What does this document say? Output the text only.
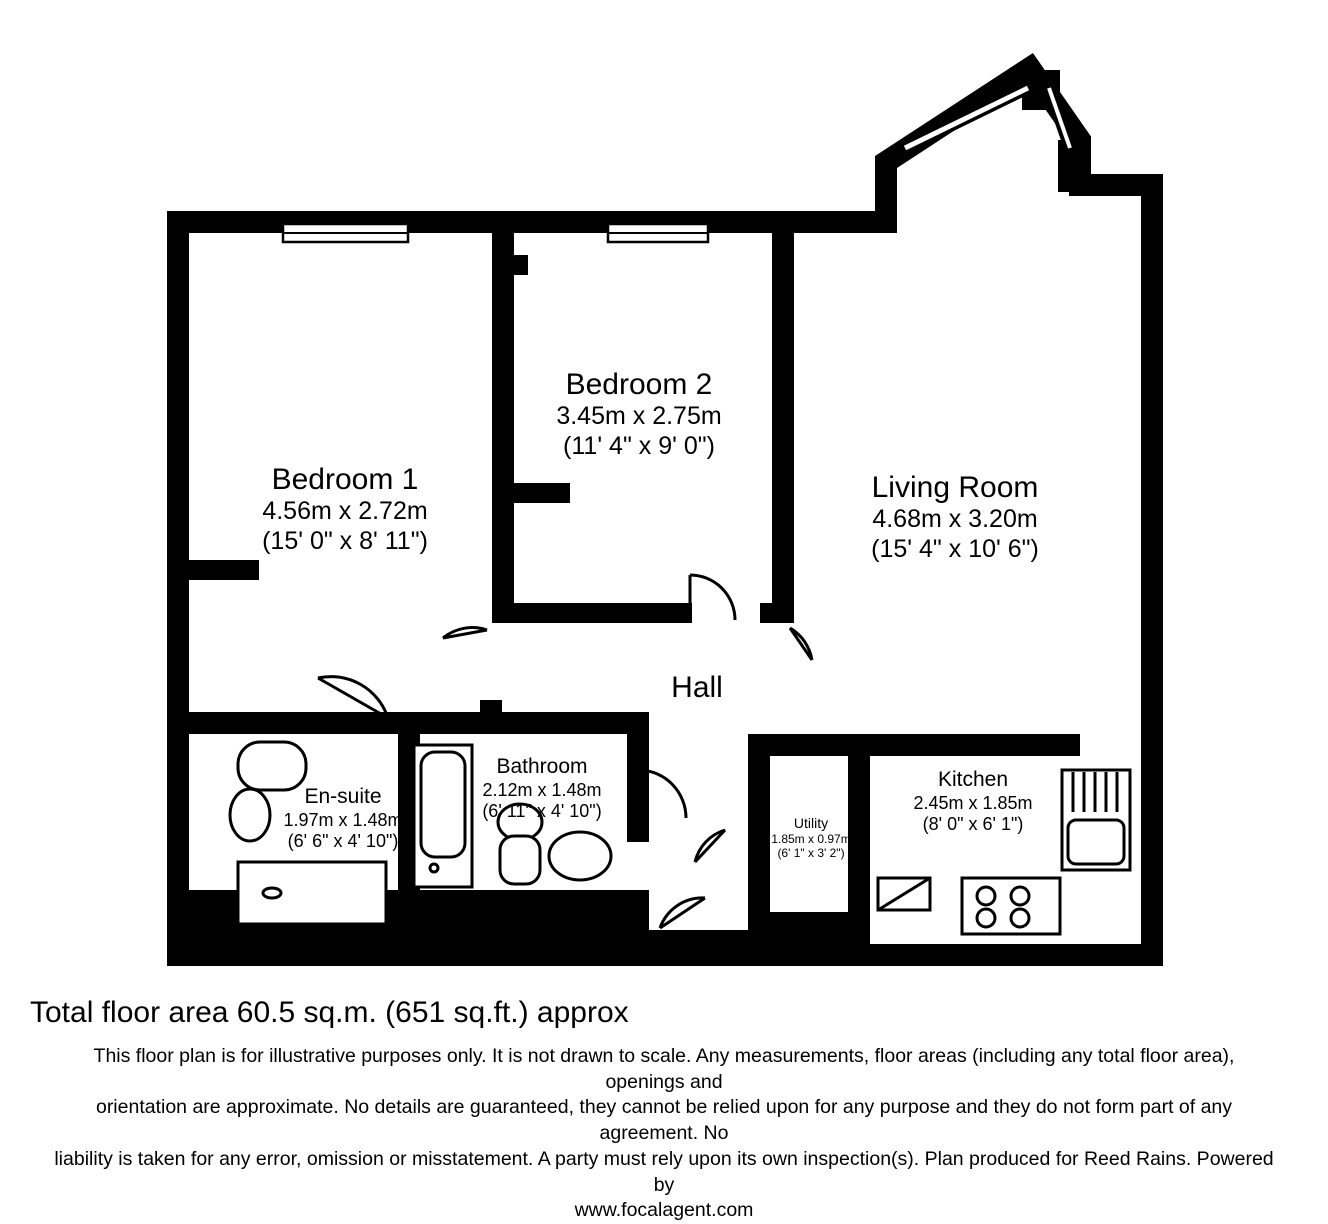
Bedroom 1
4.56m x 2.72m
(15' 0" x 8' 11")
Bedroom 2
3.45m x 2.75m
(11' 4" x 9' 0")
Living Room
4.68m x 3.20m
(15' 4" x 10' 6")
Hall
En-suite
1.97m x 1.48m
(6' 6" x 4' 10")
Bathroom
2.12m x 1.48m
(6' 11" x 4' 10")
Utility
1.85m x 0.97m
(6' 1" x 3' 2")
Kitchen
2.45m x 1.85m
(8' 0" x 6' 1")
Total floor area 60.5 sq.m. (651 sq.ft.) approx
This floor plan is for illustrative purposes only. It is not drawn to scale. Any measurements, floor areas (including any total floor area), openings and
orientation are approximate. No details are guaranteed, they cannot be relied upon for any purpose and they do not form part of any agreement. No
liability is taken for any error, omission or misstatement. A party must rely upon its own inspection(s). Plan produced for Reed Rains. Powered by
www.focalagent.com
